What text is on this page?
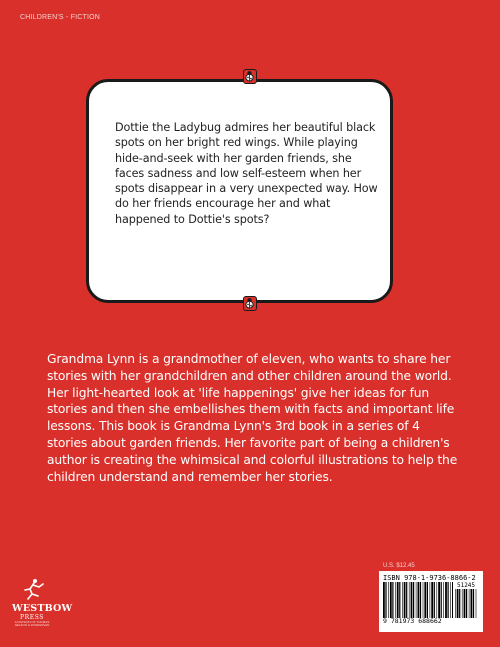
CHILDREN'S - FICTION

Dottie the Ladybug admires her beautiful black spots on her bright red wings. While playing hide-and-seek with her garden friends, she faces sadness and low self-esteem when her spots disappear in a very unexpected way. How do her friends encourage her and what happened to Dottie's spots?

Grandma Lynn is a grandmother of eleven, who wants to share her stories with her grandchildren and other children around the world. Her light-hearted look at 'life happenings' give her ideas for fun stories and then she embellishes them with facts and important life lessons. This book is Grandma Lynn's 3rd book in a series of 4 stories about garden friends. Her favorite part of being a children's author is creating the whimsical and colorful illustrations to help the children understand and remember her stories.

U.S. $12.45
ISBN 978-1-9736-8866-2
51245
9 781973 688662
WESTBOW
PRESS
A DIVISION OF THOMAS NELSON & ZONDERVAN
